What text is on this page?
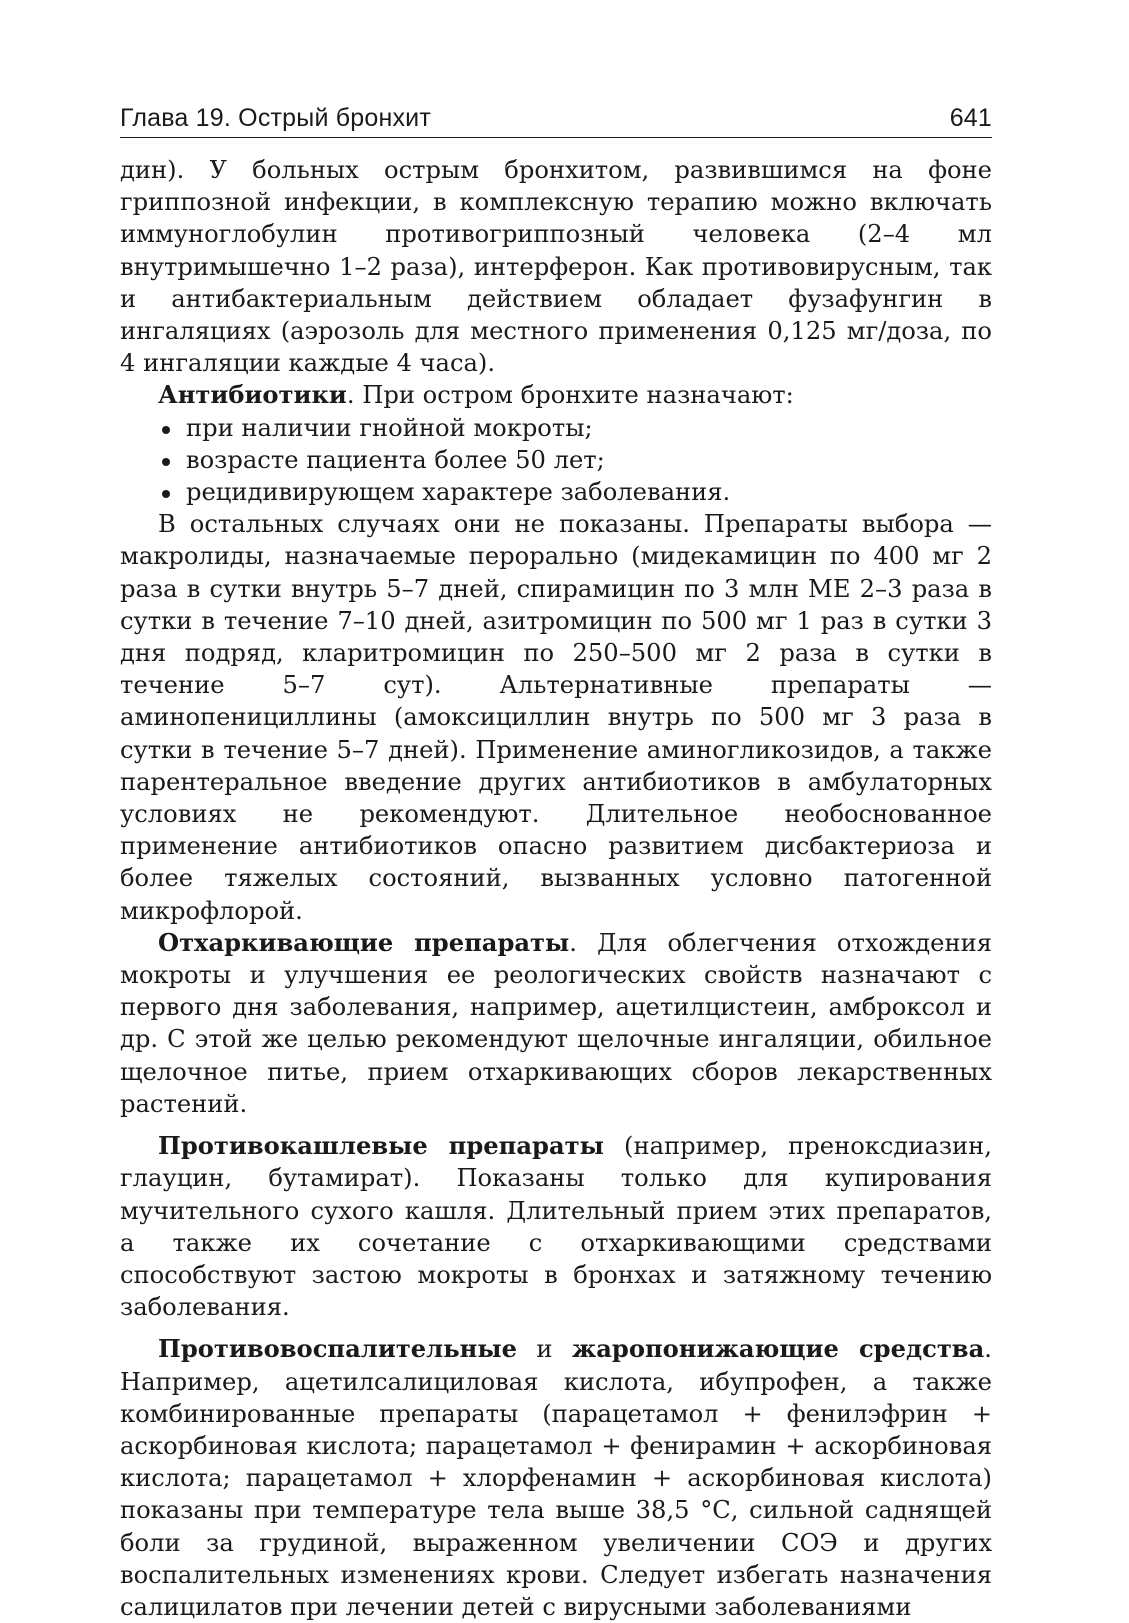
Глава 19. Острый бронхит	641

дин). У больных острым бронхитом, развившимся на фоне гриппозной инфекции, в комплексную терапию можно включать иммуноглобулин противогриппозный человека (2–4 мл внутримышечно 1–2 раза), интерферон. Как противовирусным, так и антибактериальным действием обладает фузафунгин в ингаляциях (аэрозоль для местного применения 0,125 мг/доза, по 4 ингаляции каждые 4 часа).

Антибиотики. При остром бронхите назначают:

при наличии гнойной мокроты;
возрасте пациента более 50 лет;
рецидивирующем характере заболевания.

В остальных случаях они не показаны. Препараты выбора — макролиды, назначаемые перорально (мидекамицин по 400 мг 2 раза в сутки внутрь 5–7 дней, спирамицин по 3 млн МЕ 2–3 раза в сутки в течение 7–10 дней, азитромицин по 500 мг 1 раз в сутки 3 дня подряд, кларитромицин по 250–500 мг 2 раза в сутки в течение 5–7 сут). Альтернативные препараты — аминопенициллины (амоксициллин внутрь по 500 мг 3 раза в сутки в течение 5–7 дней). Применение аминогликозидов, а также парентеральное введение других антибиотиков в амбулаторных условиях не рекомендуют. Длительное необоснованное применение антибиотиков опасно развитием дисбактериоза и более тяжелых состояний, вызванных условно патогенной микрофлорой.

Отхаркивающие препараты. Для облегчения отхождения мокроты и улучшения ее реологических свойств назначают с первого дня заболевания, например, ацетилцистеин, амброксол и др. С этой же целью рекомендуют щелочные ингаляции, обильное щелочное питье, прием отхаркивающих сборов лекарственных растений.

Противокашлевые препараты (например, пренокcдиазин, глауцин, бутамират). Показаны только для купирования мучительного сухого кашля. Длительный прием этих препаратов, а также их сочетание с отхаркивающими средствами способствуют застою мокроты в бронхах и затяжному течению заболевания.

Противовоспалительные и жаропонижающие средства. Например, ацетилсалициловая кислота, ибупрофен, а также комбинированные препараты (парацетамол + фенилэфрин + аскорбиновая кислота; парацетамол + фенирамин + аскорбиновая кислота; парацетамол + хлорфенамин + аскорбиновая кислота) показаны при температуре тела выше 38,5 °С, сильной саднящей боли за грудиной, выраженном увеличении СОЭ и других воспалительных изменениях крови. Следует избегать назначения салицилатов при лечении детей с вирусными заболеваниями
